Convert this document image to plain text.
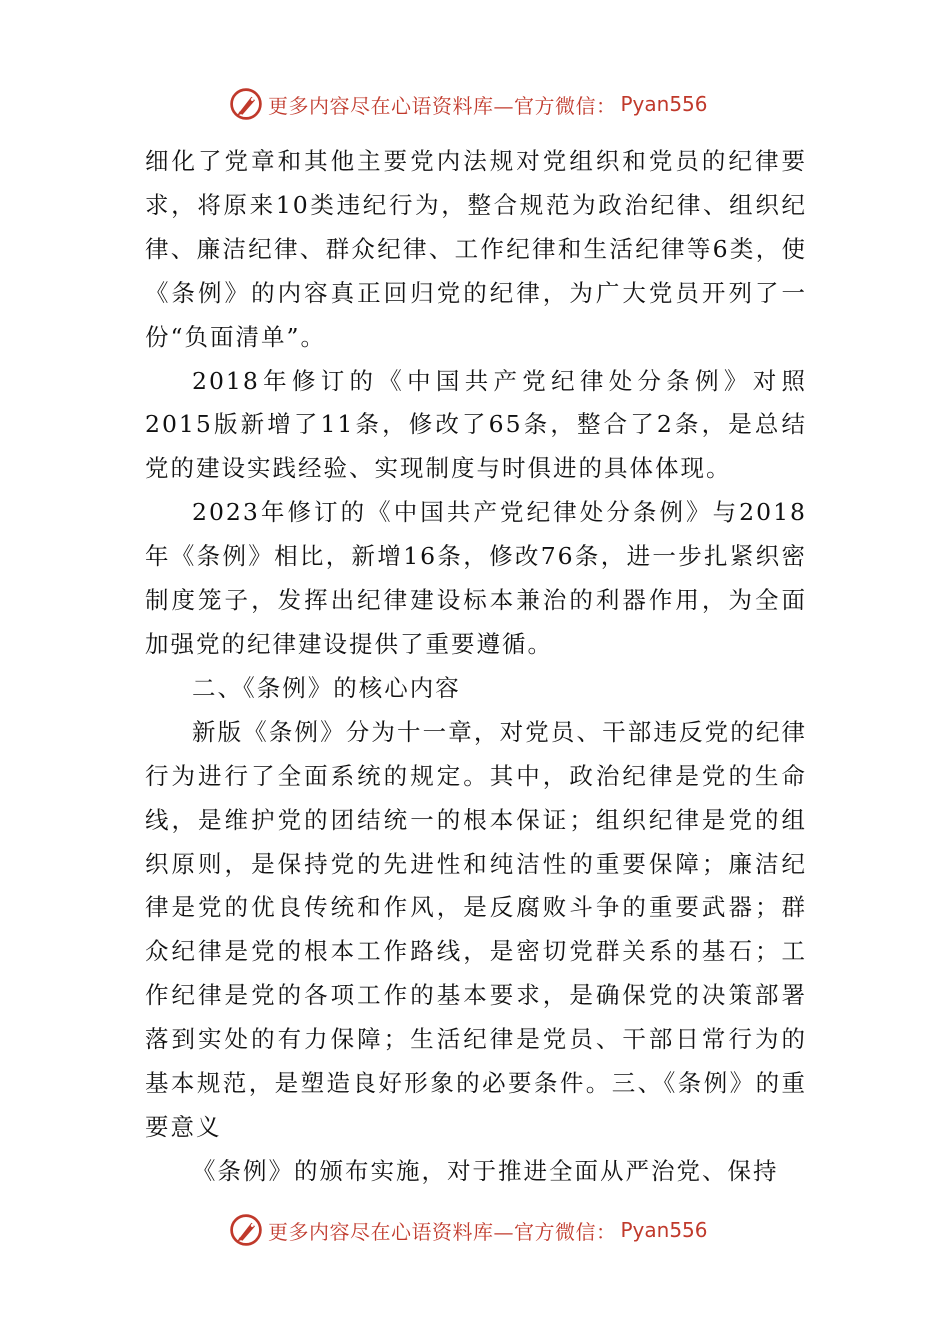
更多内容尽在心语资料库—官方微信： Pyan556

细化了党章和其他主要党内法规对党组织和党员的纪律要求，将原来10类违纪行为，整合规范为政治纪律、组织纪律、廉洁纪律、群众纪律、工作纪律和生活纪律等6类，使《条例》的内容真正回归党的纪律，为广大党员开列了一份“负面清单”。

2018年修订的《中国共产党纪律处分条例》对照2015版新增了11条，修改了65条，整合了2条，是总结党的建设实践经验、实现制度与时俱进的具体体现。

2023年修订的《中国共产党纪律处分条例》与2018年《条例》相比，新增16条，修改76条，进一步扎紧织密制度笼子，发挥出纪律建设标本兼治的利器作用，为全面加强党的纪律建设提供了重要遵循。

二、《条例》的核心内容

新版《条例》分为十一章，对党员、干部违反党的纪律行为进行了全面系统的规定。其中，政治纪律是党的生命线，是维护党的团结统一的根本保证；组织纪律是党的组织原则，是保持党的先进性和纯洁性的重要保障；廉洁纪律是党的优良传统和作风，是反腐败斗争的重要武器；群众纪律是党的根本工作路线，是密切党群关系的基石；工作纪律是党的各项工作的基本要求，是确保党的决策部署落到实处的有力保障；生活纪律是党员、干部日常行为的基本规范，是塑造良好形象的必要条件。三、《条例》的重要意义

《条例》的颁布实施，对于推进全面从严治党、保持

更多内容尽在心语资料库—官方微信： Pyan556
